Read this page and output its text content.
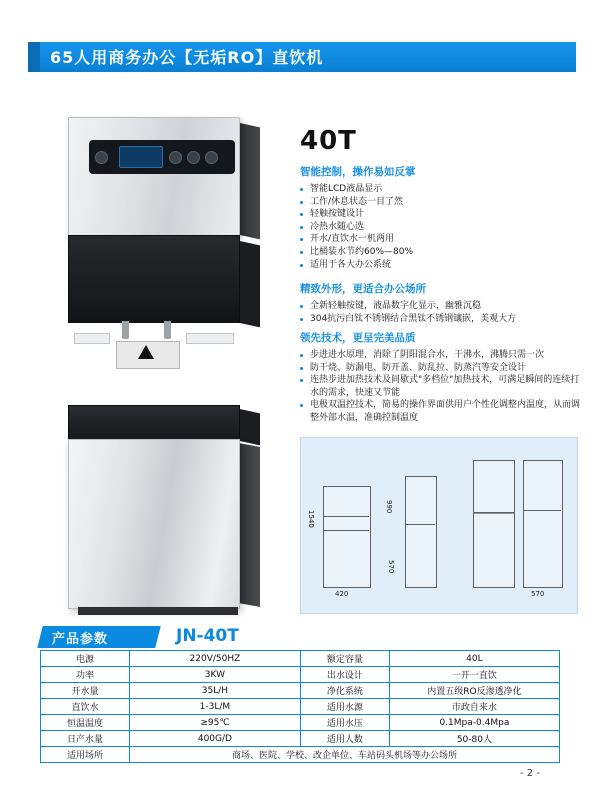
65人用商务办公【无垢RO】直饮机
40T
智能控制，操作易如反掌
智能LCD液晶显示
工作/休息状态一目了然
轻触按键设计
冷热水随心选
开水/直饮水一机两用
比桶装水节约60%—80%
适用于各大办公系统
精致外形，更适合办公场所
全新轻触按键，液晶数字化显示，幽雅沉稳
304抗污白钛不锈钢结合黑钛不锈钢镶嵌，美观大方
领先技术，更呈完美品质
步进进水原理，消除了阴阳混合水，干沸水，沸腾只需一次
防干烧、防漏电、防开盖、防乱拉、防蒸汽等安全设计
连热步进加热技术及间歇式"多档位"加热技术，可满足瞬间的连续打水的需求，快速又节能
电极双温控技术，简易的操作界面供用户个性化调整内温度，从而调整外部水温，准确控制温度
1540
990
570
420	570
产品参数	JN-40T
电源	220V/50HZ	额定容量	40L
功率	3KW	出水设计	一开一直饮
开水量	35L/H	净化系统	内置五级RO反渗透净化
直饮水	1-3L/M	适用水源	市政自来水
恒温温度	≥95℃	适用水压	0.1Mpa-0.4Mpa
日产水量	400G/D	适用人数	50-80人
适用场所	商场、医院、学校、改企单位、车站码头机场等办公场所		
- 2 -
